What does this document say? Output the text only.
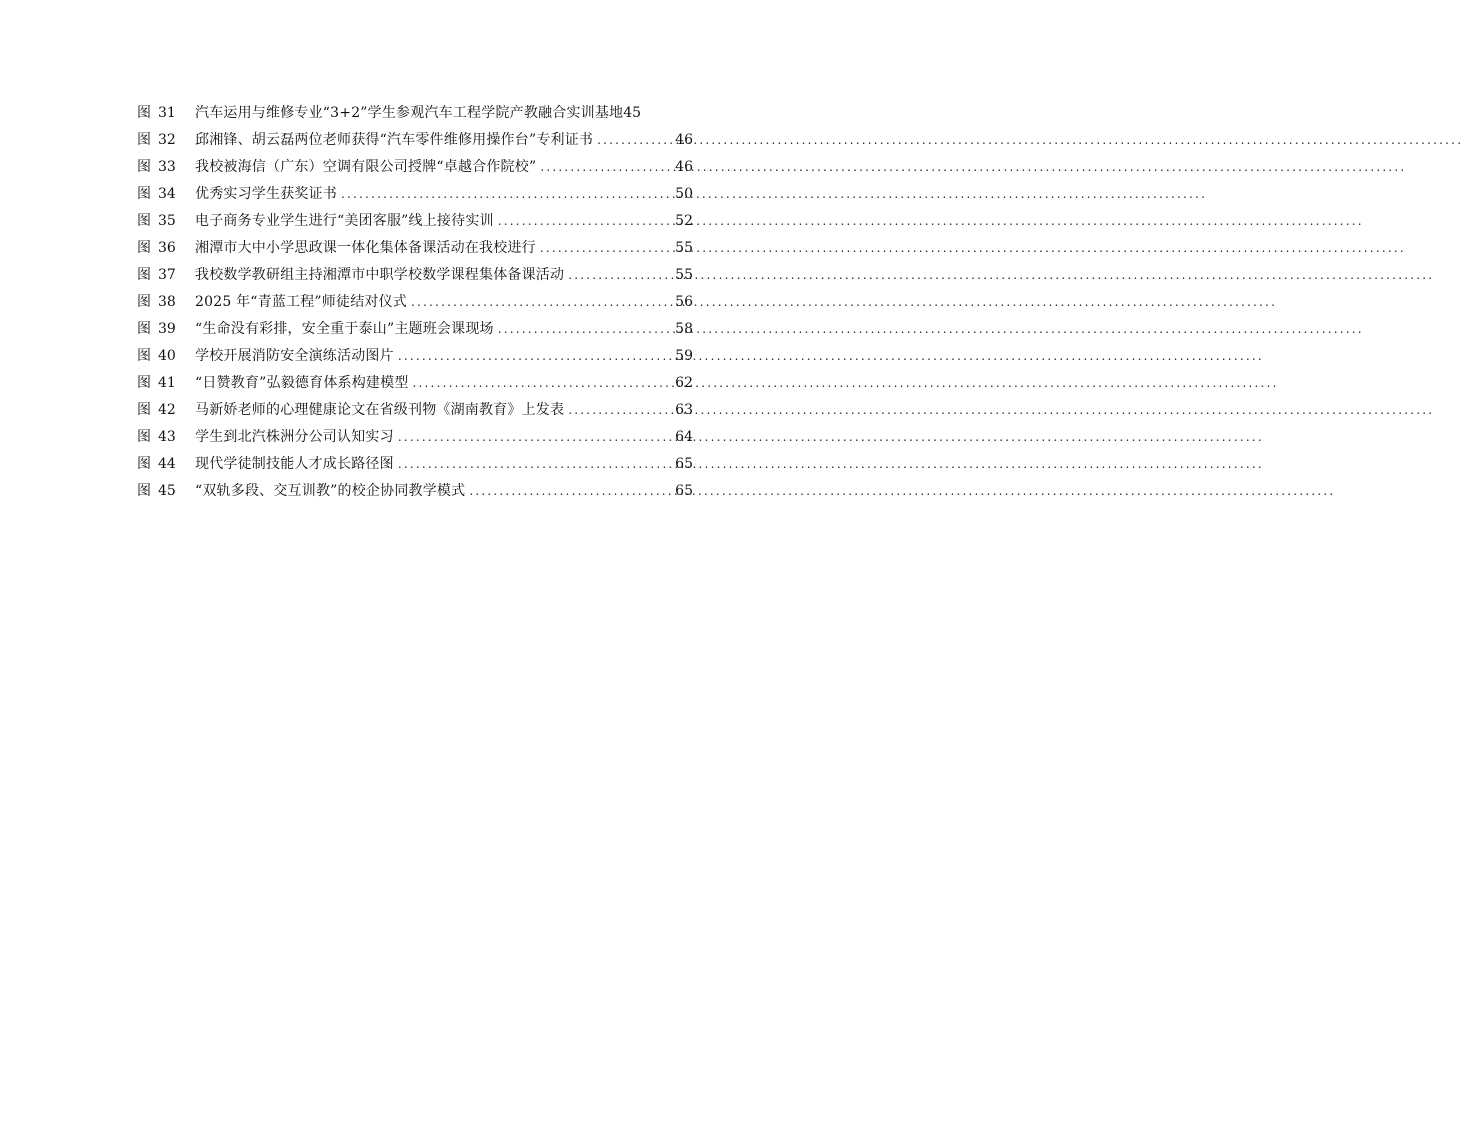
图 31	汽车运用与维修专业“3+2”学生参观汽车工程学院产教融合实训基地 45
图 32	邱湘锋、胡云磊两位老师获得“汽车零件维修用操作台”专利证书 .....	46
图 33	我校被海信（广东）空调有限公司授牌“卓越合作院校” .....	46
图 34	优秀实习学生获奖证书 .....	50
图 35	电子商务专业学生进行“美团客服”线上接待实训 .....	52
图 36	湘潭市大中小学思政课一体化集体备课活动在我校进行 .....	55
图 37	我校数学教研组主持湘潭市中职学校数学课程集体备课活动 .....	55
图 38	2025 年“青蓝工程”师徒结对仪式 .....	56
图 39	“生命没有彩排，安全重于泰山”主题班会课现场 .....	58
图 40	学校开展消防安全演练活动图片 .....	59
图 41	“日赞教育”弘毅德育体系构建模型 .....	62
图 42	马新娇老师的心理健康论文在省级刊物《湖南教育》上发表 .....	63
图 43	学生到北汽株洲分公司认知实习 .....	64
图 44	现代学徒制技能人才成长路径图 .....	65
图 45	“双轨多段、交互训教”的校企协同教学模式 .....	65
